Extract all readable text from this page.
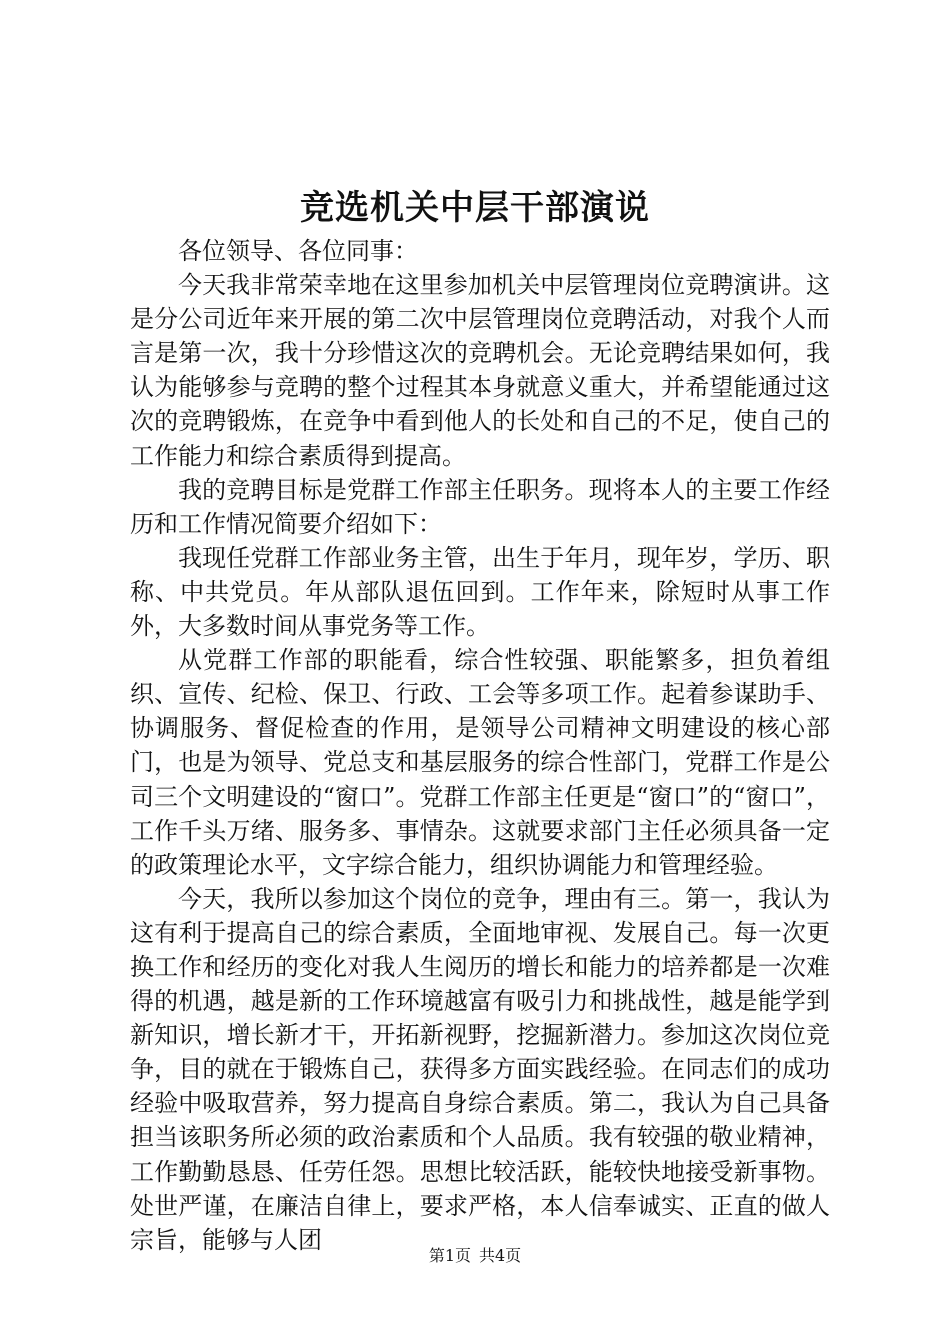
竞选机关中层干部演说

各位领导、各位同事：

今天我非常荣幸地在这里参加机关中层管理岗位竞聘演讲。这是分公司近年来开展的第二次中层管理岗位竞聘活动，对我个人而言是第一次，我十分珍惜这次的竞聘机会。无论竞聘结果如何，我认为能够参与竞聘的整个过程其本身就意义重大，并希望能通过这次的竞聘锻炼，在竞争中看到他人的长处和自己的不足，使自己的工作能力和综合素质得到提高。

我的竞聘目标是党群工作部主任职务。现将本人的主要工作经历和工作情况简要介绍如下：

我现任党群工作部业务主管，出生于年月，现年岁，学历、职称、中共党员。年从部队退伍回到。工作年来，除短时从事工作外，大多数时间从事党务等工作。

从党群工作部的职能看，综合性较强、职能繁多，担负着组织、宣传、纪检、保卫、行政、工会等多项工作。起着参谋助手、协调服务、督促检查的作用，是领导公司精神文明建设的核心部门，也是为领导、党总支和基层服务的综合性部门，党群工作是公司三个文明建设的“窗口”。党群工作部主任更是“窗口”的“窗口”，工作千头万绪、服务多、事情杂。这就要求部门主任必须具备一定的政策理论水平，文字综合能力，组织协调能力和管理经验。

今天，我所以参加这个岗位的竞争，理由有三。第一，我认为这有利于提高自己的综合素质，全面地审视、发展自己。每一次更换工作和经历的变化对我人生阅历的增长和能力的培养都是一次难得的机遇，越是新的工作环境越富有吸引力和挑战性，越是能学到新知识，增长新才干，开拓新视野，挖掘新潜力。参加这次岗位竞争，目的就在于锻炼自己，获得多方面实践经验。在同志们的成功经验中吸取营养，努力提高自身综合素质。第二，我认为自己具备担当该职务所必须的政治素质和个人品质。我有较强的敬业精神，工作勤勤恳恳、任劳任怨。思想比较活跃，能较快地接受新事物。处世严谨，在廉洁自律上，要求严格，本人信奉诚实、正直的做人宗旨，能够与人团

第1页 共4页
